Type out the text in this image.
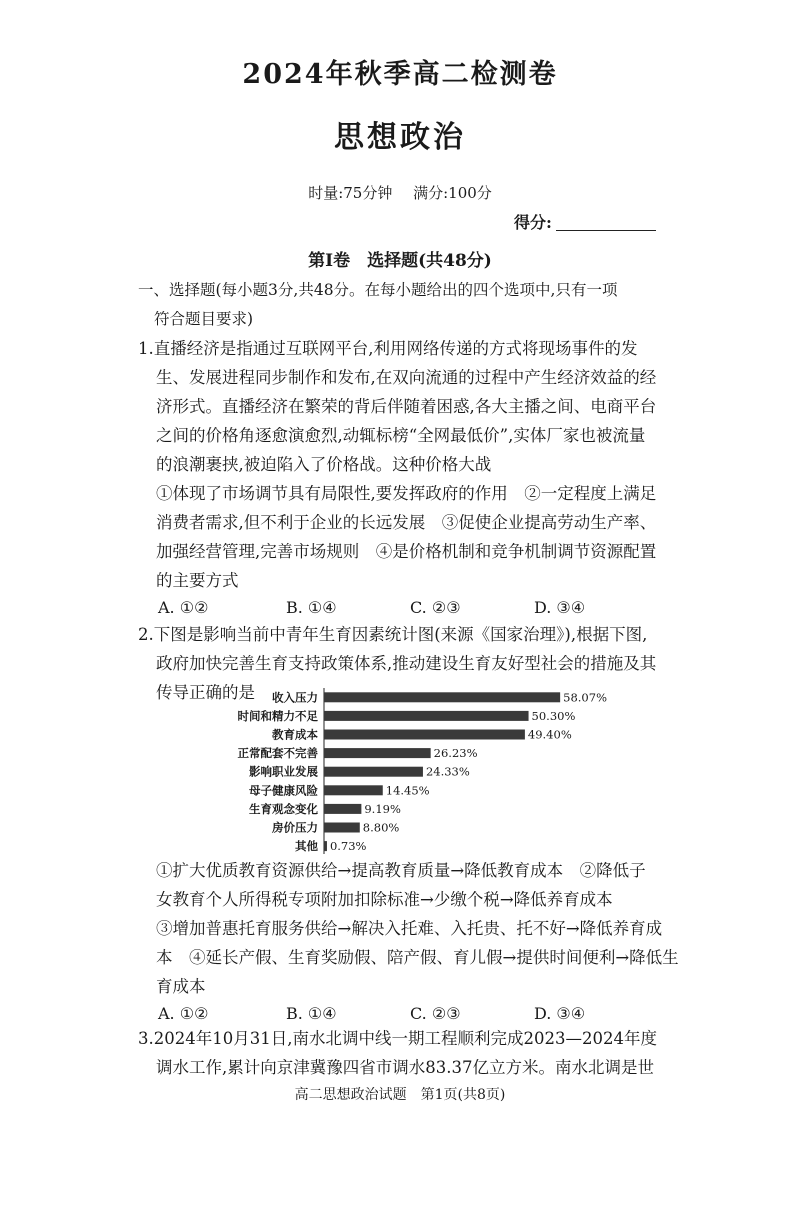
2024年秋季高二检测卷
思想政治
时量:75分钟 满分:100分
得分:
第Ⅰ卷　选择题(共48分)
一、选择题(每小题3分,共48分。在每小题给出的四个选项中,只有一项
符合题目要求)
1.直播经济是指通过互联网平台,利用网络传递的方式将现场事件的发
生、发展进程同步制作和发布,在双向流通的过程中产生经济效益的经
济形式。直播经济在繁荣的背后伴随着困惑,各大主播之间、电商平台
之间的价格角逐愈演愈烈,动辄标榜“全网最低价”,实体厂家也被流量
的浪潮裹挟,被迫陷入了价格战。这种价格大战
①体现了市场调节具有局限性,要发挥政府的作用　②一定程度上满足
消费者需求,但不利于企业的长远发展　③促使企业提高劳动生产率、
加强经营管理,完善市场规则　④是价格机制和竞争机制调节资源配置
的主要方式
A. ①②	B. ①④	C. ②③	D. ③④
2.下图是影响当前中青年生育因素统计图(来源《国家治理》),根据下图,
政府加快完善生育支持政策体系,推动建设生育友好型社会的措施及其
传导正确的是 收入压力	58.07%
时间和精力不足	50.30%
教育成本	49.40%
正常配套不完善	26.23%
影响职业发展	24.33%
母子健康风险	14.45%
生育观念变化	9.19%
房价压力	8.80%
其他 0.73%
①扩大优质教育资源供给→提高教育质量→降低教育成本　②降低子
女教育个人所得税专项附加扣除标准→少缴个税→降低养育成本
③增加普惠托育服务供给→解决入托难、入托贵、托不好→降低养育成
本　④延长产假、生育奖励假、陪产假、育儿假→提供时间便利→降低生
育成本
A. ①②	B. ①④	C. ②③	D. ③④
3.2024年10月31日,南水北调中线一期工程顺利完成2023—2024年度
调水工作,累计向京津冀豫四省市调水83.37亿立方米。南水北调是世
高二思想政治试题　第1页(共8页)
